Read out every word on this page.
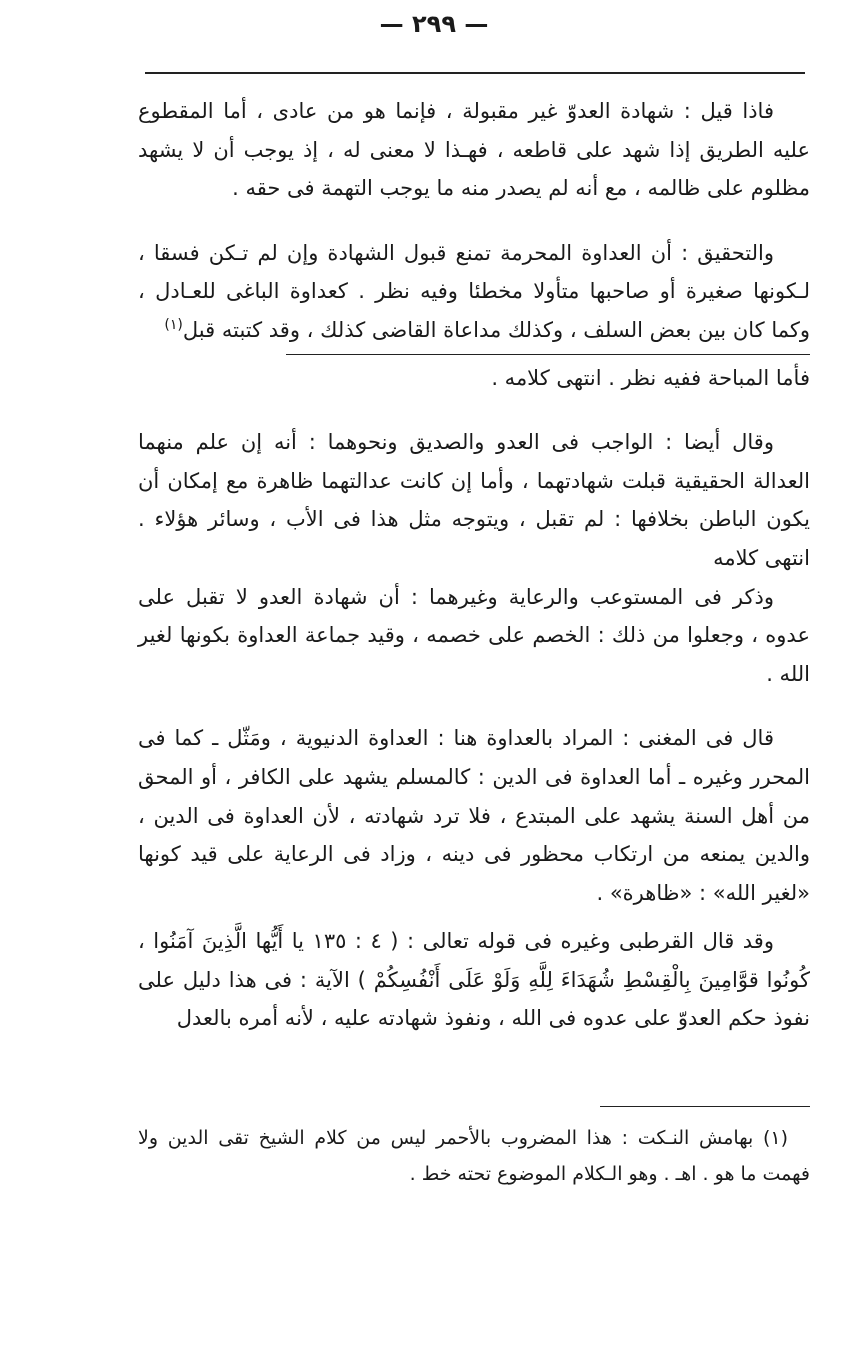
— ٢٩٩ —

فاذا قيل : شهادة العدوّ غير مقبولة ، فإنما هو من عادى ، أما المقطوع عليه الطريق إذا شهد على قاطعه ، فهـذا لا معنى له ، إذ يوجب أن لا يشهد مظلوم على ظالمه ، مع أنه لم يصدر منه ما يوجب التهمة فى حقه .

والتحقيق : أن العداوة المحرمة تمنع قبول الشهادة وإن لم تـكن فسقا ، لـكونها صغيرة أو صاحبها متأولا مخطئا وفيه نظر . كعداوة الباغى للعـادل ، وكما كان بين بعض السلف ، وكذلك مداعاة القاضى كذلك ، وقد كتبته قبل$^{(١)}$

فأما المباحة ففيه نظر . انتهى كلامه .

وقال أيضا : الواجب فى العدو والصديق ونحوهما : أنه إن علم منهما العدالة الحقيقية قبلت شهادتهما ، وأما إن كانت عدالتهما ظاهرة مع إمكان أن يكون الباطن بخلافها : لم تقبل ، ويتوجه مثل هذا فى الأب ، وسائر هؤلاء . انتهى كلامه

وذكر فى المستوعب والرعاية وغيرهما : أن شهادة العدو لا تقبل على عدوه ، وجعلوا من ذلك : الخصم على خصمه ، وقيد جماعة العداوة بكونها لغير الله .

قال فى المغنى : المراد بالعداوة هنا : العداوة الدنيوية ، ومَثّل ـ كما فى المحرر وغيره ـ أما العداوة فى الدين : كالمسلم يشهد على الكافر ، أو المحق من أهل السنة يشهد على المبتدع ، فلا ترد شهادته ، لأن العداوة فى الدين ، والدين يمنعه من ارتكاب محظور فى دينه ، وزاد فى الرعاية على قيد كونها «لغير الله» : «ظاهرة» .

وقد قال القرطبى وغيره فى قوله تعالى : ( ٤ : ١٣٥ يا أَيُّها الَّذِينَ آمَنُوا ، كُونُوا قوَّامِينَ بِالْقِسْطِ شُهَدَاءَ لِلَّهِ وَلَوْ عَلَى أَنْفُسِكُمْ ) الآية : فى هذا دليل على نفوذ حكم العدوّ على عدوه فى الله ، ونفوذ شهادته عليه ، لأنه أمره بالعدل

(١) بهامش النـكت : هذا المضروب بالأحمر ليس من كلام الشيخ تقى الدين ولا فهمت ما هو . اهـ . وهو الـكلام الموضوع تحته خط .
